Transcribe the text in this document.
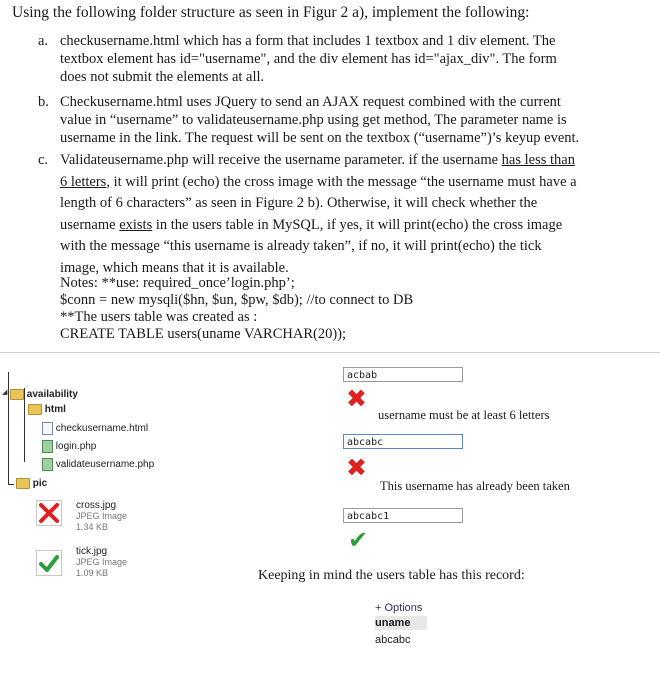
Using the following folder structure as seen in Figur 2 a), implement the following:
a. checkusername.html which has a form that includes 1 textbox and 1 div element. The
textbox element has id="username", and the div element has id="ajax_div". The form
does not submit the elements at all.
b. Checkusername.html uses JQuery to send an AJAX request combined with the current
value in “username” to validateusername.php using get method, The parameter name is
username in the link. The request will be sent on the textbox (“username”)’s keyup event.
c. Validateusername.php will receive the username parameter. if the username has less than
6 letters, it will print (echo) the cross image with the message “the username must have a
length of 6 characters” as seen in Figure 2 b). Otherwise, it will check whether the
username exists in the users table in MySQL, if yes, it will print(echo) the cross image
with the message “this username is already taken”, if no, it will print(echo) the tick
image, which means that it is available.
Notes: **use: required_once’login.php’;
$conn = new mysqli($hn, $un, $pw, $db); //to connect to DB
**The users table was created as :
CREATE TABLE users(uname VARCHAR(20));
◢	availability
html
checkusername.html
login.php
validateusername.php
pic
cross.jpg
JPEG Image
1.34 KB
tick.jpg
JPEG Image
1.09 KB
acbab
✖
username must be at least 6 letters
abcabc
✖
This username has already been taken
abcabc1
✔
Keeping in mind the users table has this record:
+ Options
uname
abcabc
